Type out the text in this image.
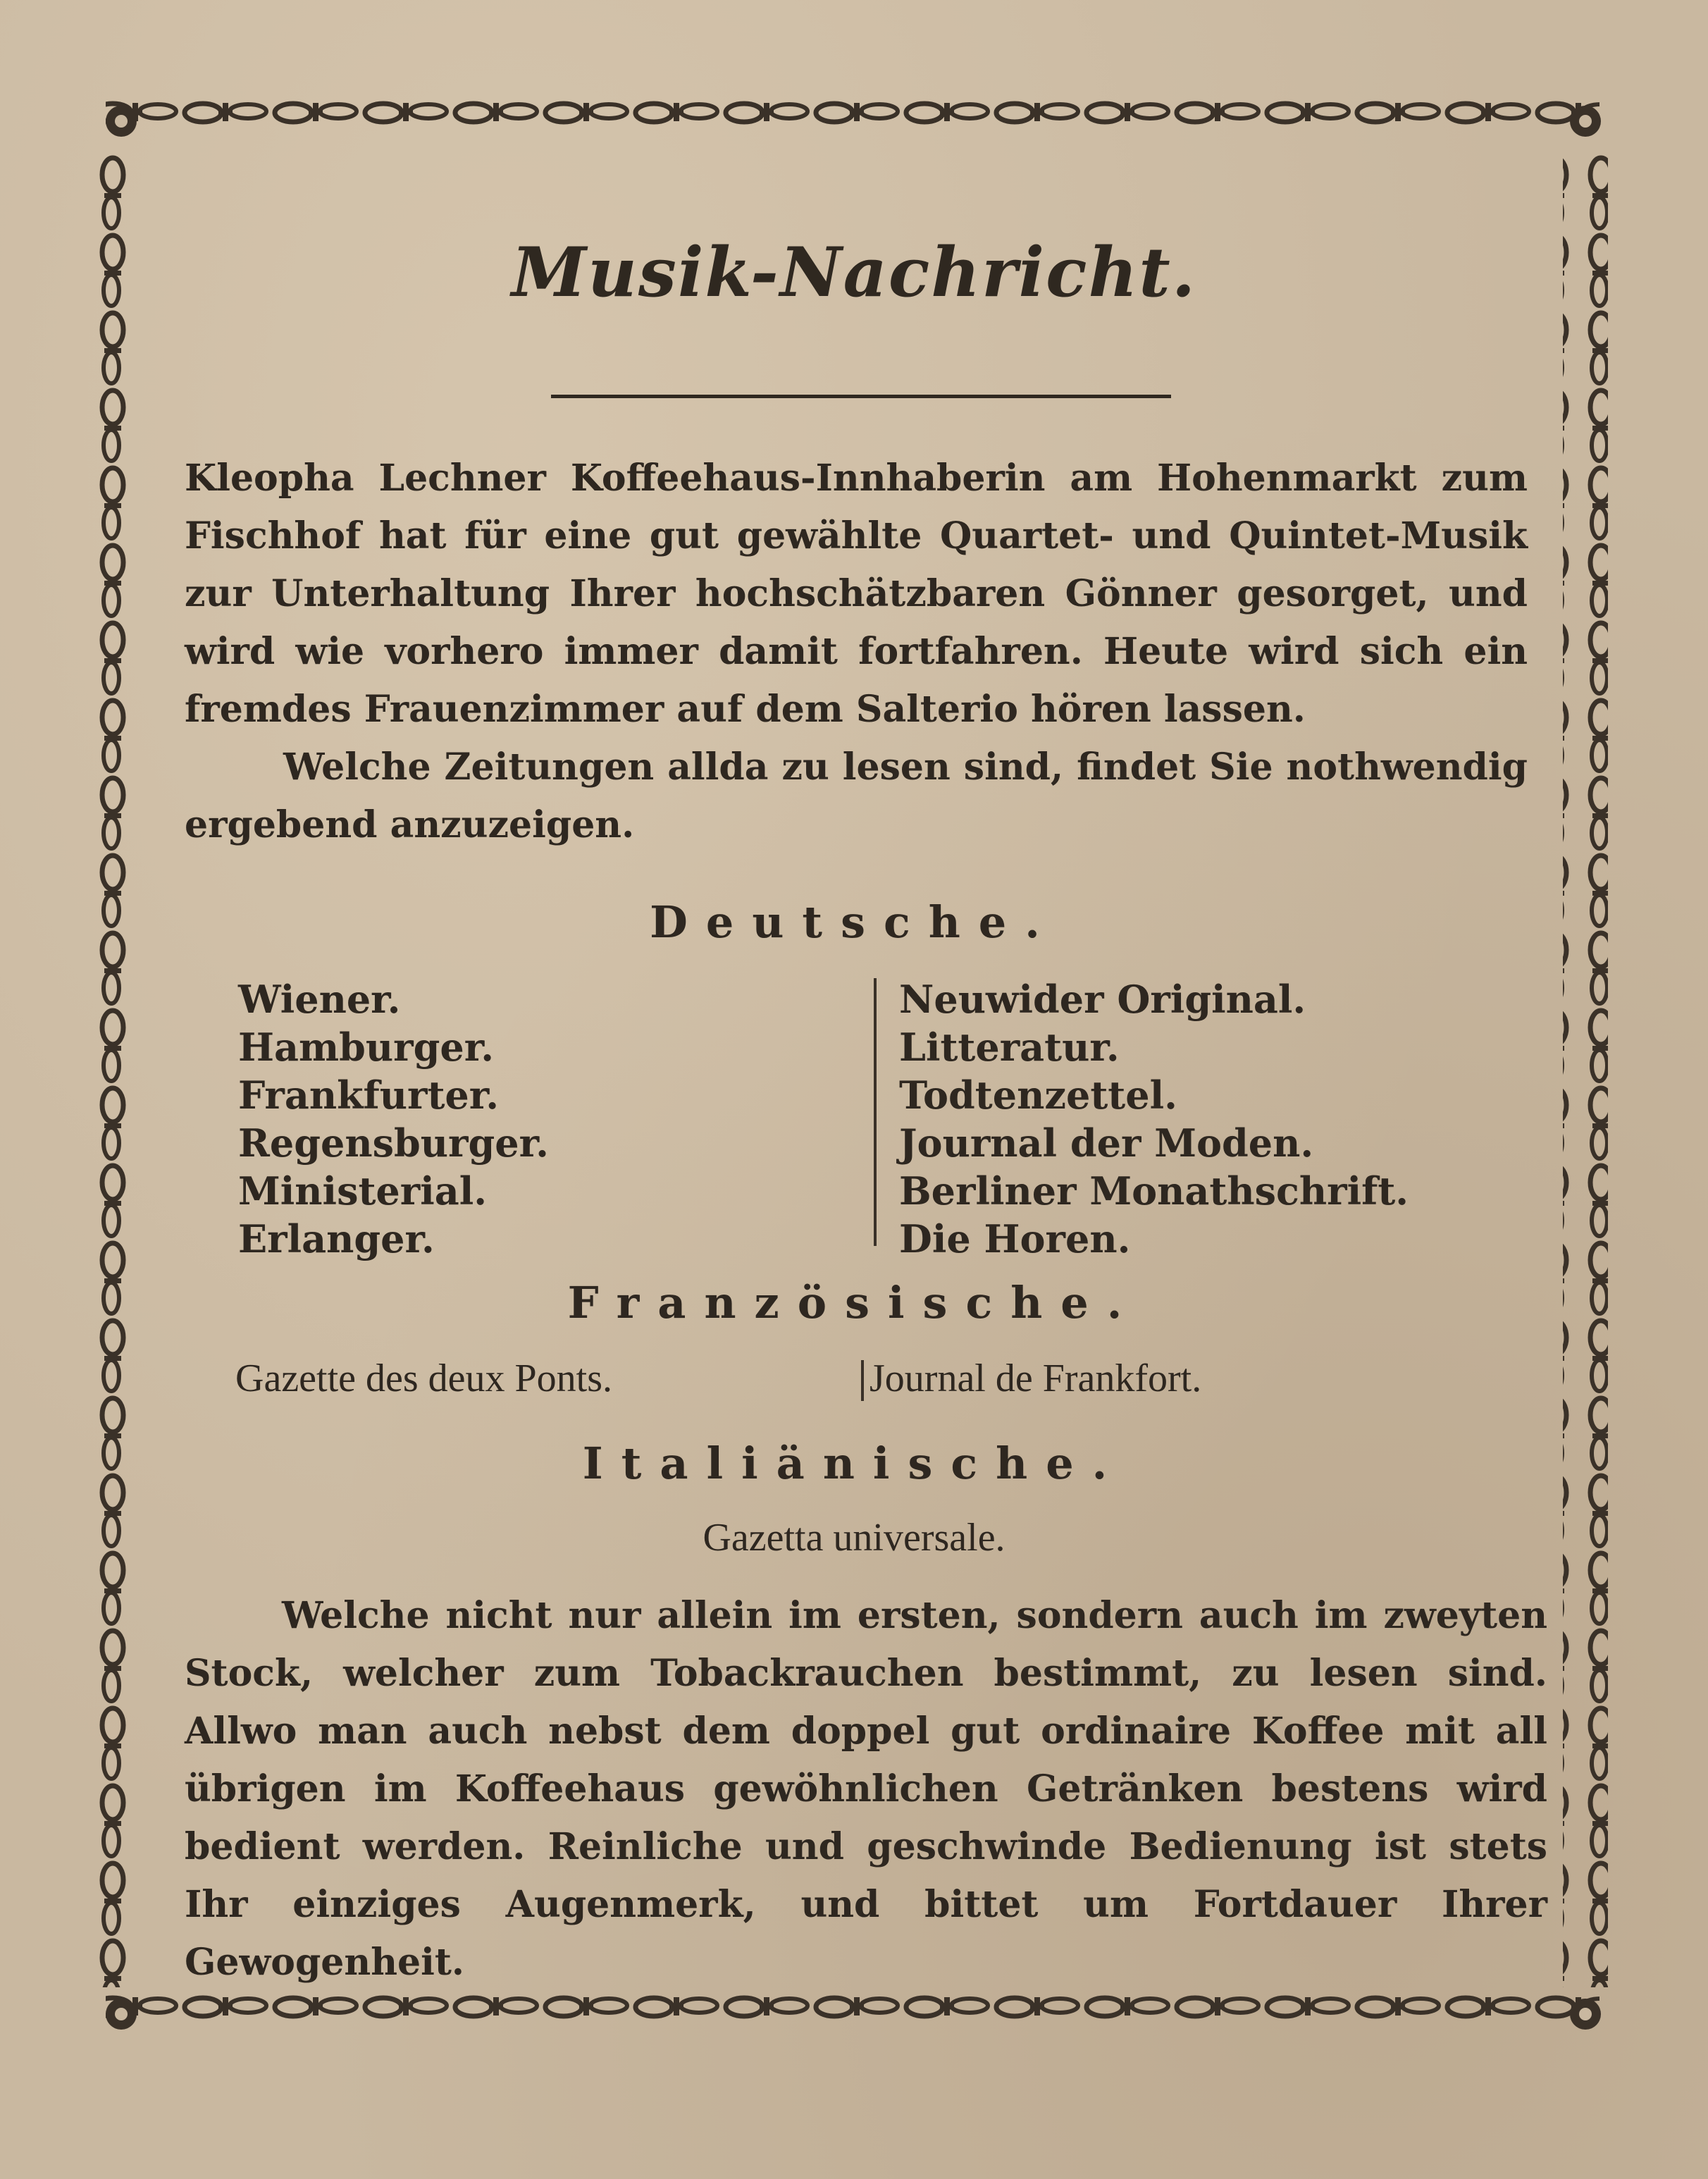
Musik-Nachricht.
Kleopha Lechner Koffeehaus-Innhaberin am Hohenmarkt zum Fischhof hat für eine gut gewählte Quartet- und Quintet-Musik zur Unterhaltung Ihrer hochschätzbaren Gönner gesorget, und wird wie vorhero immer damit fortfahren. Heute wird sich ein fremdes Frauenzimmer auf dem Salterio hören lassen.
Welche Zeitungen allda zu lesen sind, findet Sie nothwendig ergebend anzuzeigen.
Deutsche.
Wiener.
Hamburger.
Frankfurter.
Regensburger.
Ministerial.
Erlanger.
Neuwider Original.
Litteratur.
Todtenzettel.
Journal der Moden.
Berliner Monathschrift.
Die Horen.
Französische.
Gazette des deux Ponts.	Journal de Frankfort.
Italiänische.
Gazetta universale.
Welche nicht nur allein im ersten, sondern auch im zweyten Stock, welcher zum Tobackrauchen bestimmt, zu lesen sind. Allwo man auch nebst dem doppel gut ordinaire Koffee mit all übrigen im Koffeehaus gewöhnlichen Getränken bestens wird bedient werden. Reinliche und geschwinde Bedienung ist stets Ihr einziges Augenmerk, und bittet um Fortdauer Ihrer Gewogenheit.
